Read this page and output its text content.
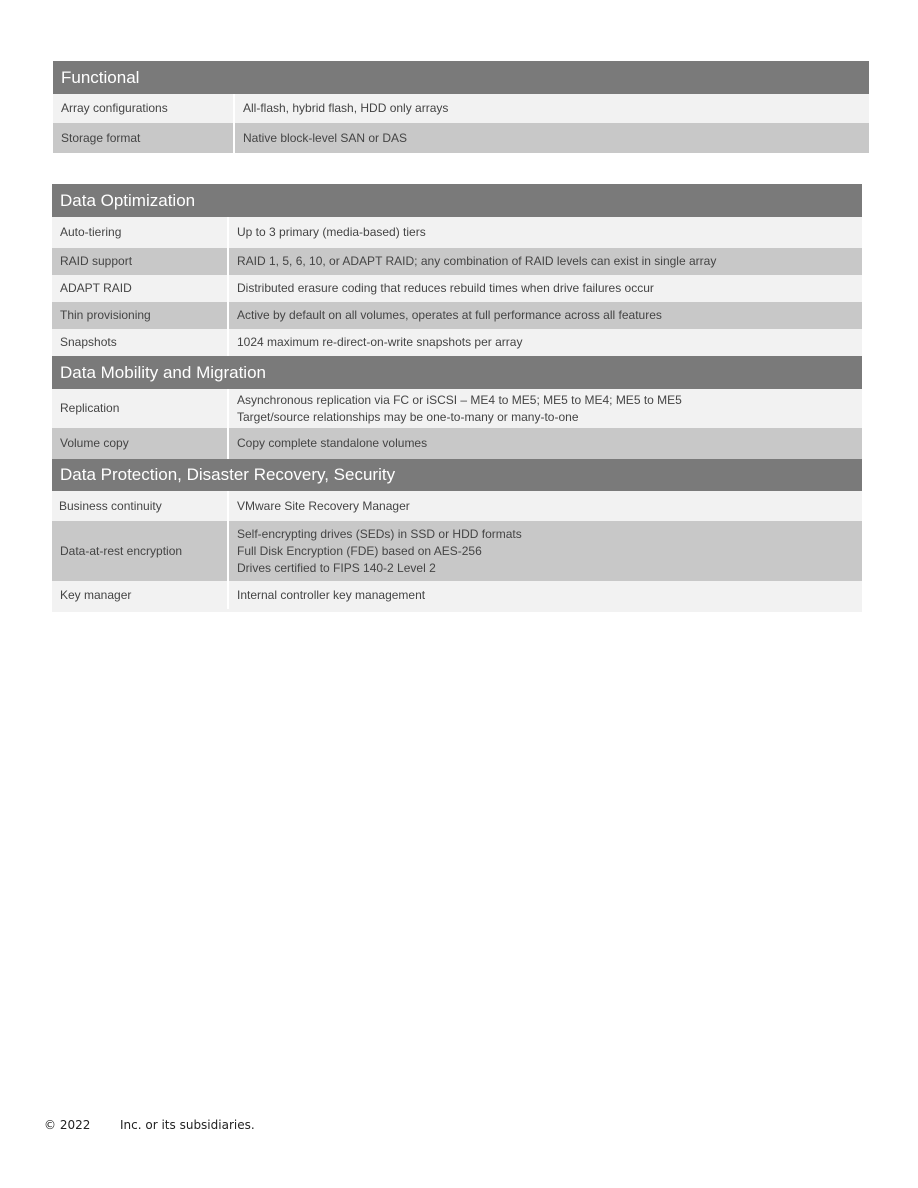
Functional	
Array configurations	All-flash, hybrid flash, HDD only arrays
Storage format	Native block-level SAN or DAS
Data Optimization	
Auto-tiering	Up to 3 primary (media-based) tiers
RAID support	RAID 1, 5, 6, 10, or ADAPT RAID; any combination of RAID levels can exist in single array
ADAPT RAID	Distributed erasure coding that reduces rebuild times when drive failures occur
Thin provisioning	Active by default on all volumes, operates at full performance across all features
Snapshots	1024 maximum re-direct-on-write snapshots per array
Data Mobility and Migration	
Replication	Asynchronous replication via FC or iSCSI – ME4 to ME5; ME5 to ME4; ME5 to ME5
Target/source relationships may be one-to-many or many-to-one

Volume copy	Copy complete standalone volumes
Data Protection, Disaster Recovery, Security	
Business continuity	VMware Site Recovery Manager
Data-at-rest encryption	Self-encrypting drives (SEDs) in SSD or HDD formats
Full Disk Encryption (FDE) based on AES-256
Drives certified to FIPS 140-2 Level 2

Key manager	Internal controller key management

© 2022 Inc. or its subsidiaries.
